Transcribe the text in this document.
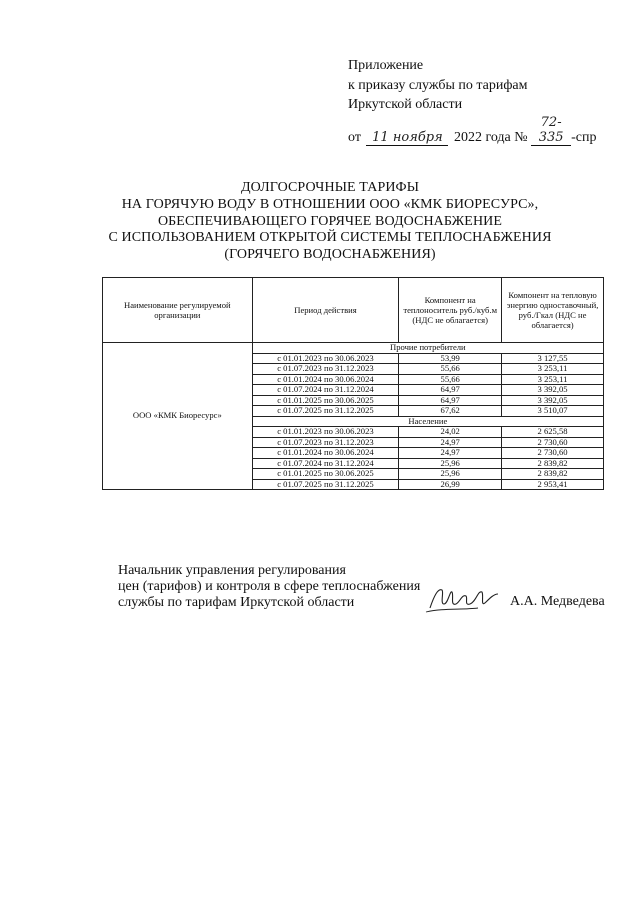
Приложение
к приказу службы по тарифам
Иркутской области
от 11 ноября 2022 года № 72-335 -спр
ДОЛГОСРОЧНЫЕ ТАРИФЫ
НА ГОРЯЧУЮ ВОДУ В ОТНОШЕНИИ ООО «КМК БИОРЕСУРС»,
ОБЕСПЕЧИВАЮЩЕГО ГОРЯЧЕЕ ВОДОСНАБЖЕНИЕ
С ИСПОЛЬЗОВАНИЕМ ОТКРЫТОЙ СИСТЕМЫ ТЕПЛОСНАБЖЕНИЯ
(ГОРЯЧЕГО ВОДОСНАБЖЕНИЯ)
Наименование регулируемой организации	Период действия	Компонент на теплоноситель руб./куб.м (НДС не облагается)	Компонент на тепловую энергию одноставочный, руб./Гкал (НДС не облагается)
ООО «КМК Биоресурс»	Прочие потребители		
	с 01.01.2023 по 30.06.2023	53,99	3 127,55
	с 01.07.2023 по 31.12.2023	55,66	3 253,11
	с 01.01.2024 по 30.06.2024	55,66	3 253,11
	с 01.07.2024 по 31.12.2024	64,97	3 392,05
	с 01.01.2025 по 30.06.2025	64,97	3 392,05
	с 01.07.2025 по 31.12.2025	67,62	3 510,07
	Население		
	с 01.01.2023 по 30.06.2023	24,02	2 625,58
	с 01.07.2023 по 31.12.2023	24,97	2 730,60
	с 01.01.2024 по 30.06.2024	24,97	2 730,60
	с 01.07.2024 по 31.12.2024	25,96	2 839,82
	с 01.01.2025 по 30.06.2025	25,96	2 839,82
	с 01.07.2025 по 31.12.2025	26,99	2 953,41
Начальник управления регулирования
цен (тарифов) и контроля в сфере теплоснабжения
службы по тарифам Иркутской области	А.А. Медведева
